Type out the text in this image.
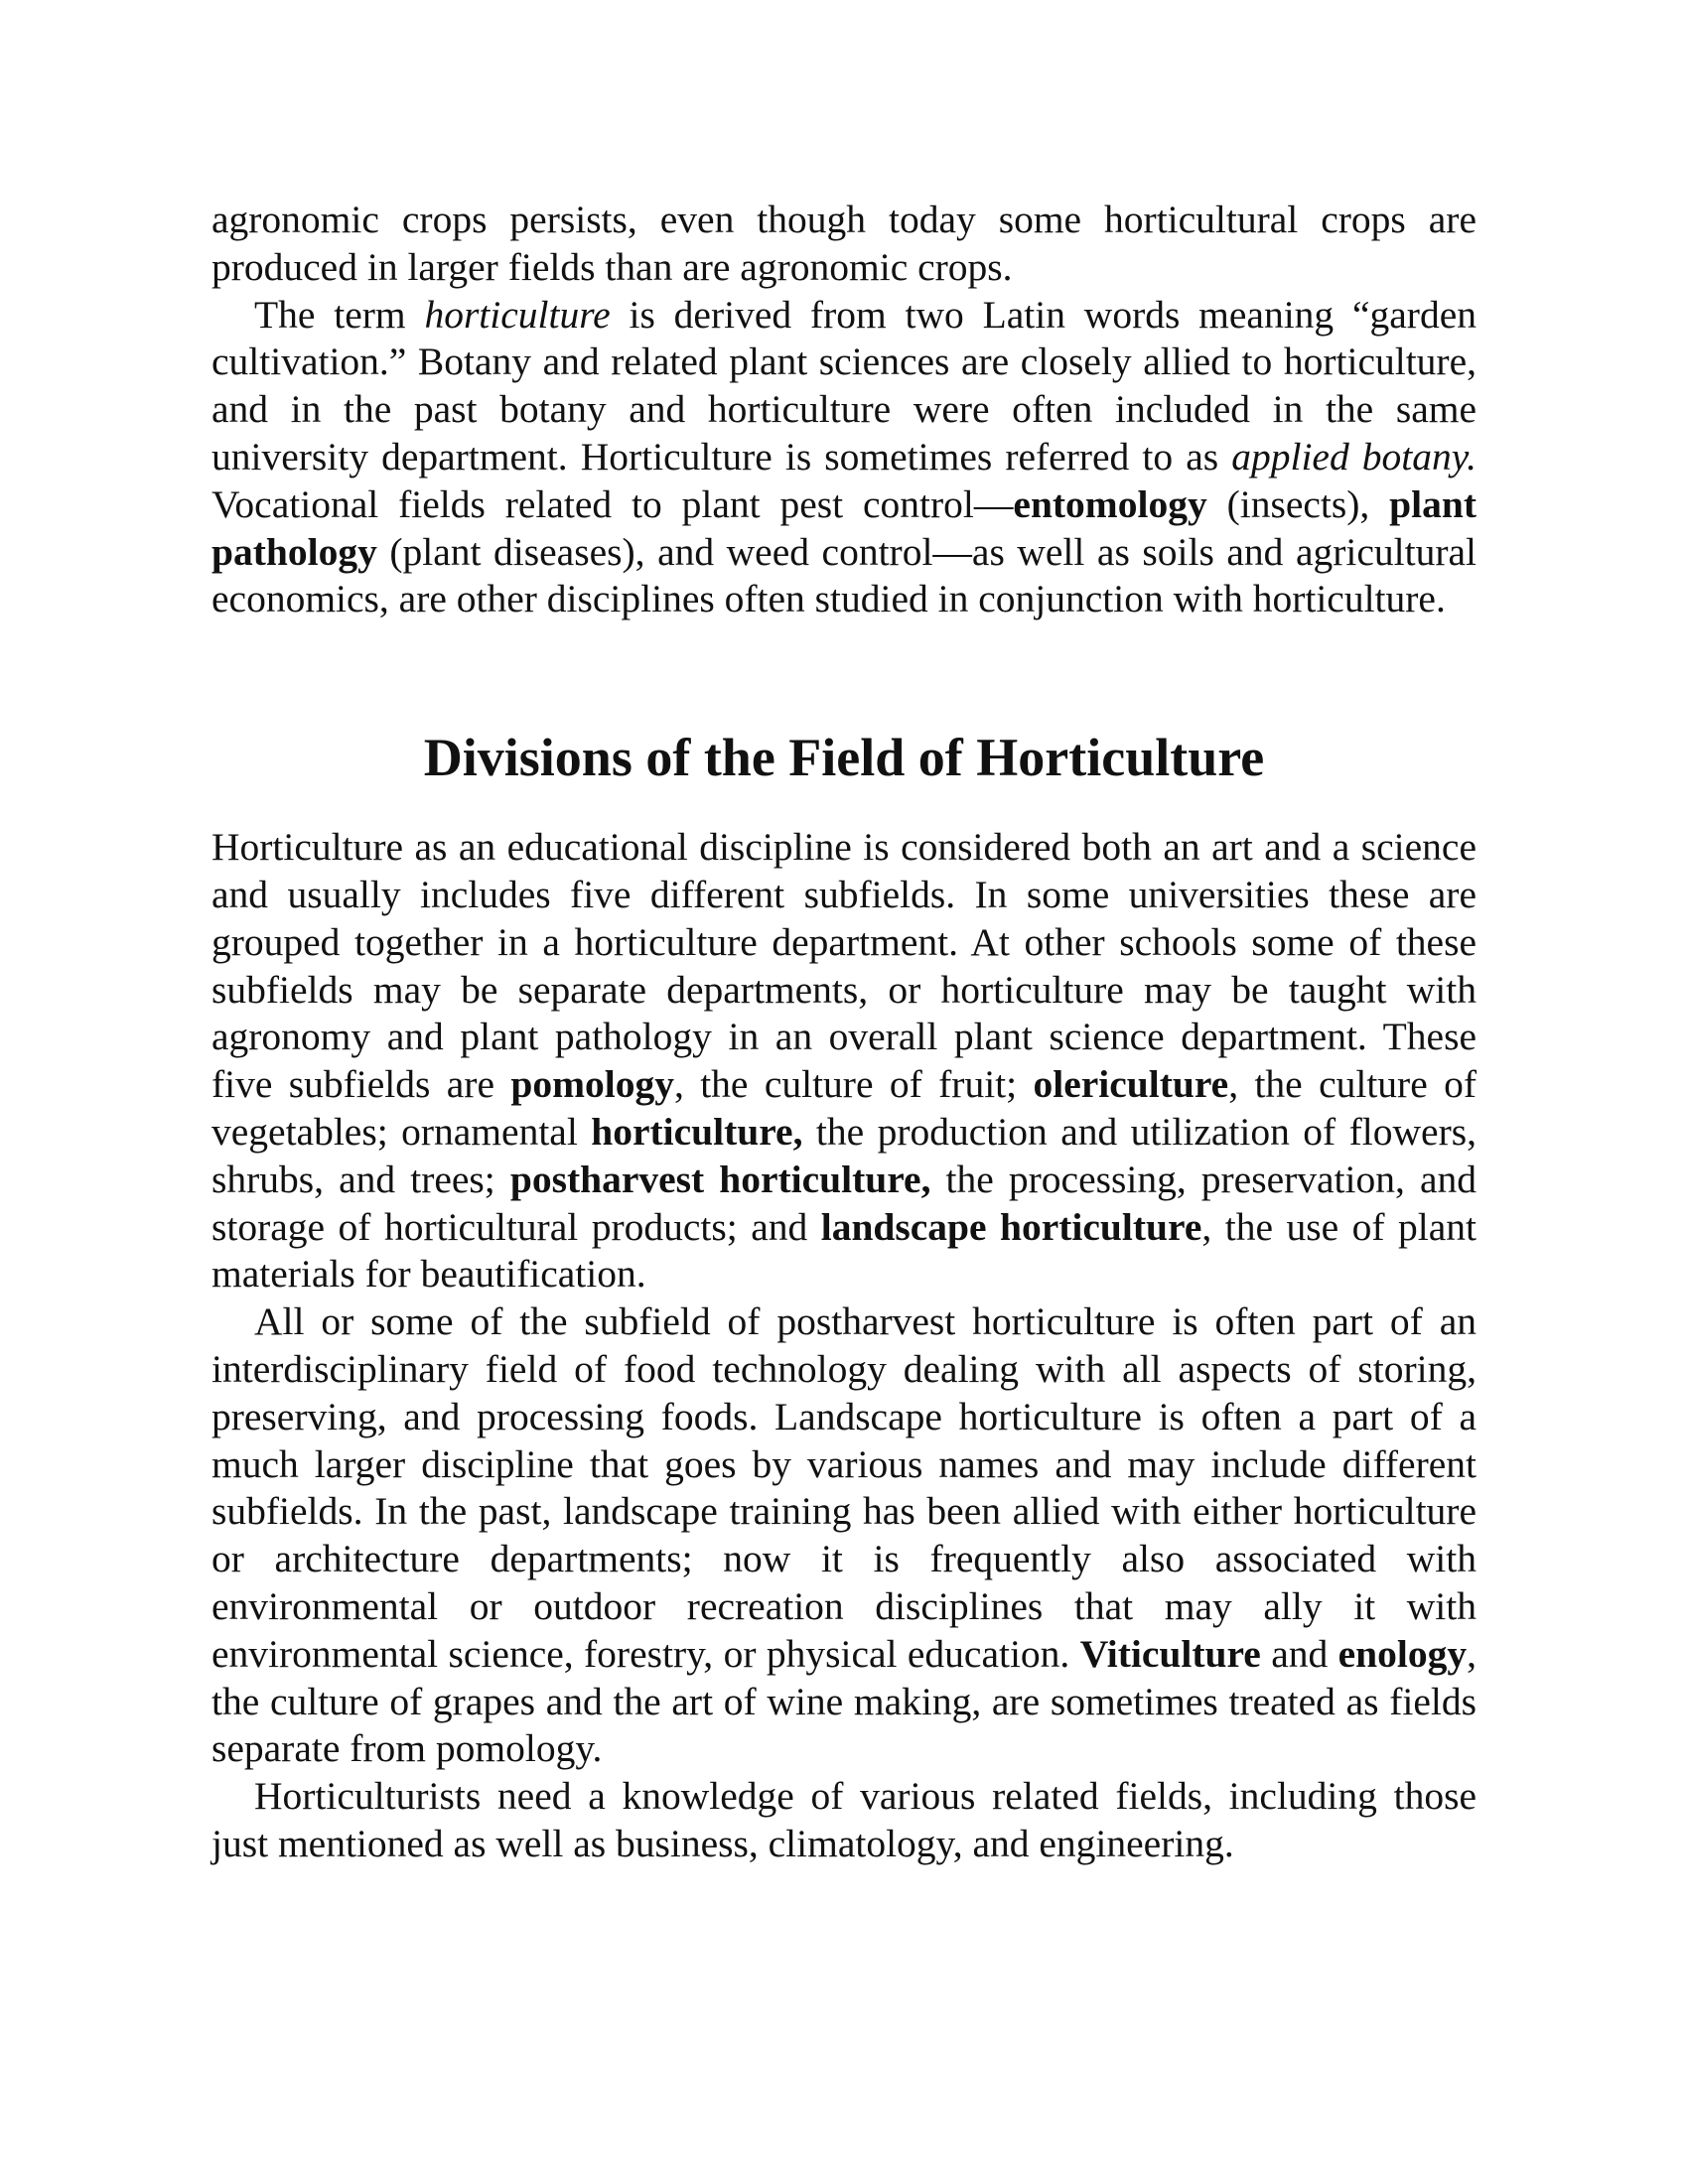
agronomic crops persists, even though today some horticultural crops are produced in larger fields than are agronomic crops.

The term horticulture is derived from two Latin words meaning “garden cultivation.” Botany and related plant sciences are closely allied to horticulture, and in the past botany and horticulture were often included in the same university department. Horticulture is sometimes referred to as applied botany. Vocational fields related to plant pest control—entomology (insects), plant pathology (plant diseases), and weed control—as well as soils and agricultural economics, are other disciplines often studied in conjunction with horticulture.

Divisions of the Field of Horticulture

Horticulture as an educational discipline is considered both an art and a science and usually includes five different subfields. In some universities these are grouped together in a horticulture department. At other schools some of these subfields may be separate departments, or horticulture may be taught with agronomy and plant pathology in an overall plant science department. These five subfields are pomology, the culture of fruit; olericulture, the culture of vegetables; ornamental horticulture, the production and utilization of flowers, shrubs, and trees; postharvest horticulture, the processing, preservation, and storage of horticultural products; and landscape horticulture, the use of plant materials for beautification.

All or some of the subfield of postharvest horticulture is often part of an interdisciplinary field of food technology dealing with all aspects of storing, preserving, and processing foods. Landscape horticulture is often a part of a much larger discipline that goes by various names and may include different subfields. In the past, landscape training has been allied with either horticulture or architecture departments; now it is frequently also associated with environmental or outdoor recreation disciplines that may ally it with environmental science, forestry, or physical education. Viticulture and enology, the culture of grapes and the art of wine making, are sometimes treated as fields separate from pomology.

Horticulturists need a knowledge of various related fields, including those just mentioned as well as business, climatology, and engineering.
